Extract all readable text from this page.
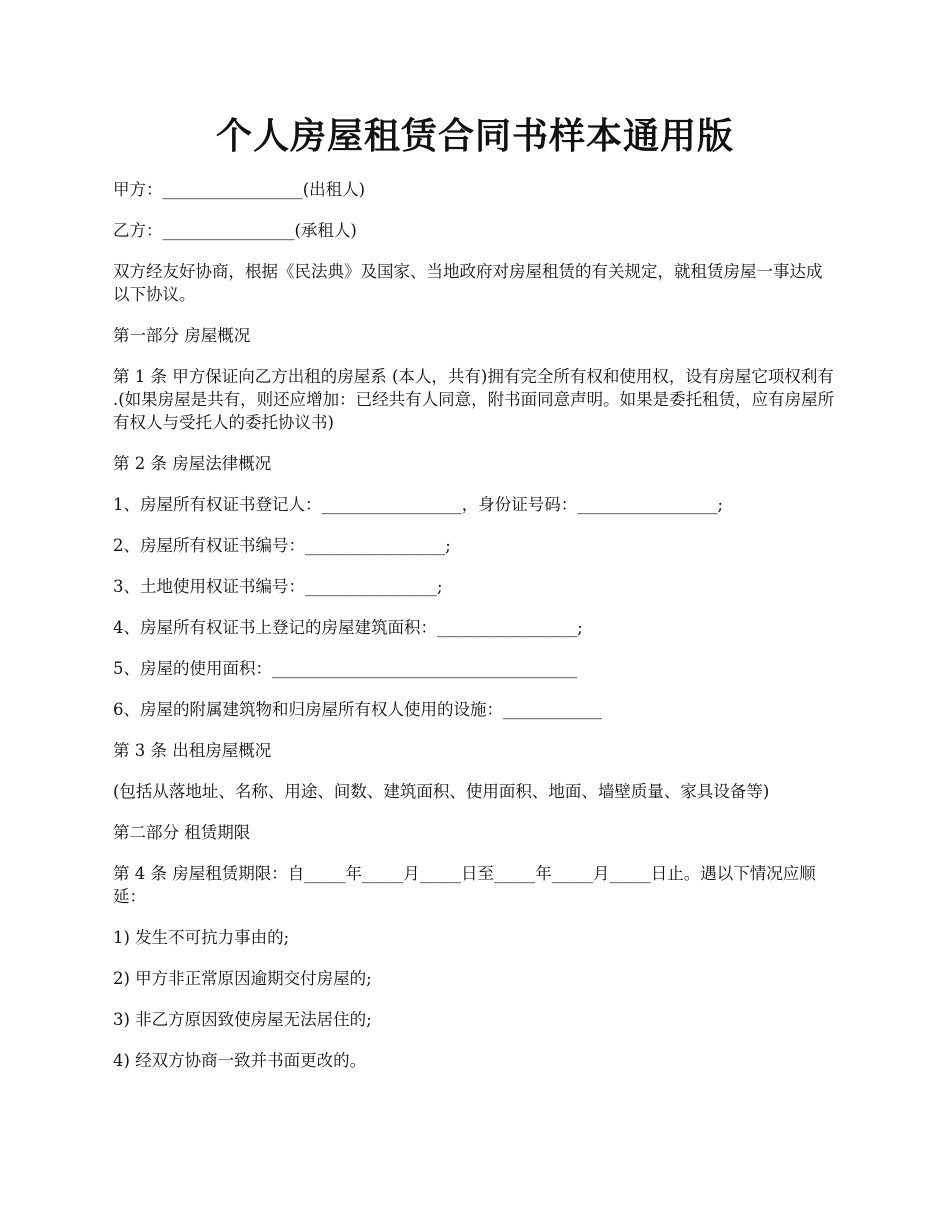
个人房屋租赁合同书样本通用版

甲方：_________________(出租人)

乙方：________________(承租人)

双方经友好协商，根据《民法典》及国家、当地政府对房屋租赁的有关规定，就租赁房屋一事达成以下协议。

第一部分 房屋概况

第 1 条 甲方保证向乙方出租的房屋系 (本人，共有)拥有完全所有权和使用权，设有房屋它项权利有 .(如果房屋是共有，则还应增加：已经共有人同意，附书面同意声明。如果是委托租赁，应有房屋所有权人与受托人的委托协议书)

第 2 条 房屋法律概况

1、房屋所有权证书登记人：_________________，身份证号码：_________________;

2、房屋所有权证书编号：_________________;

3、土地使用权证书编号：________________;

4、房屋所有权证书上登记的房屋建筑面积：_________________;

5、房屋的使用面积：_____________________________________

6、房屋的附属建筑物和归房屋所有权人使用的设施：____________

第 3 条 出租房屋概况

(包括从落地址、名称、用途、间数、建筑面积、使用面积、地面、墙壁质量、家具设备等)

第二部分 租赁期限

第 4 条 房屋租赁期限：自_____年_____月_____日至_____年_____月_____日止。遇以下情况应顺延：

1) 发生不可抗力事由的;

2) 甲方非正常原因逾期交付房屋的;

3) 非乙方原因致使房屋无法居住的;

4) 经双方协商一致并书面更改的。
